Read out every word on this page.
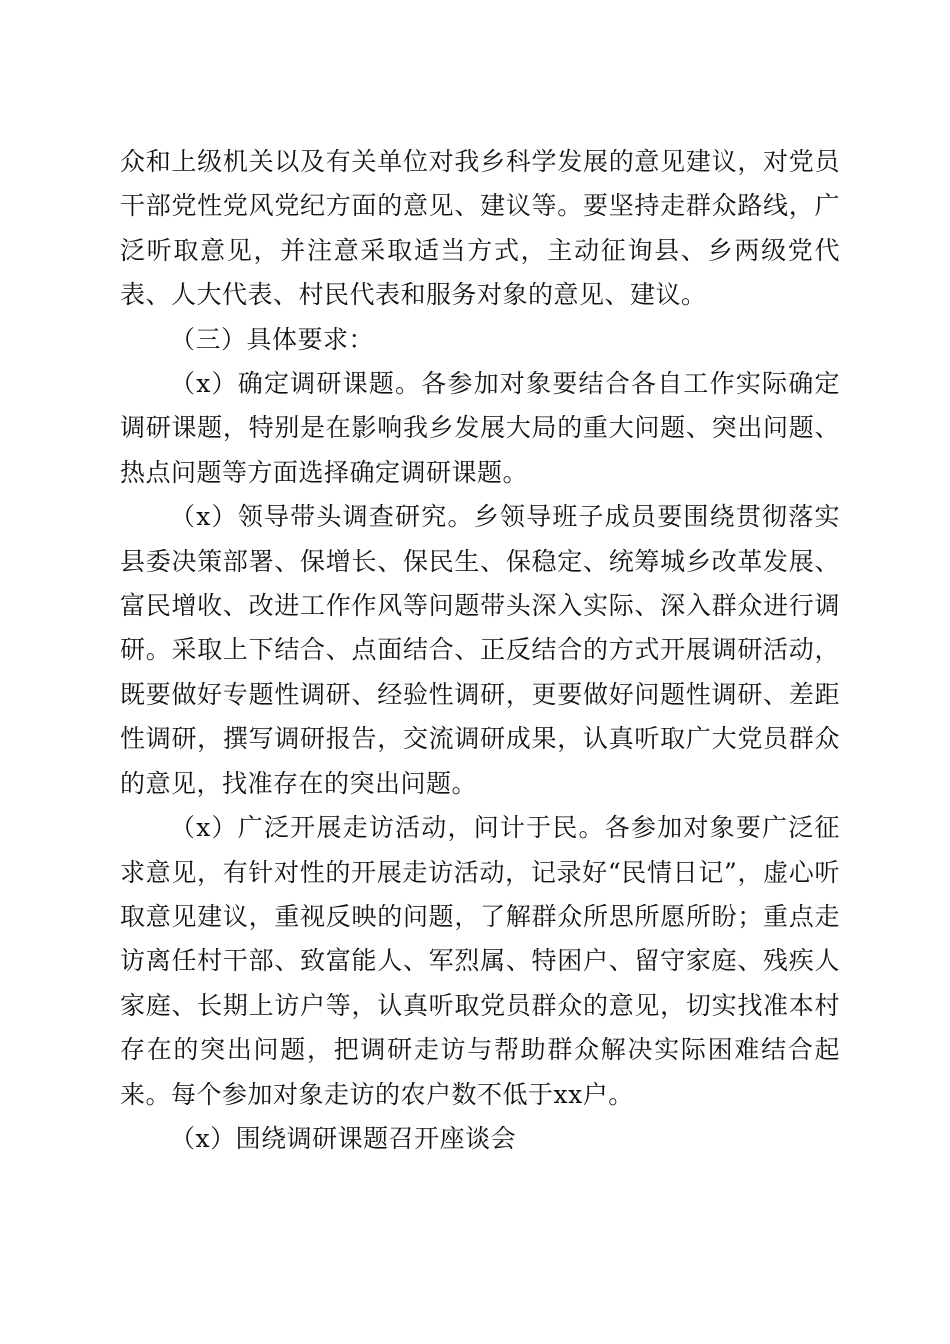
众和上级机关以及有关单位对我乡科学发展的意见建议，对党员干部党性党风党纪方面的意见、建议等。要坚持走群众路线，广泛听取意见，并注意采取适当方式，主动征询县、乡两级党代表、人大代表、村民代表和服务对象的意见、建议。

（三）具体要求：

（x）确定调研课题。各参加对象要结合各自工作实际确定调研课题，特别是在影响我乡发展大局的重大问题、突出问题、热点问题等方面选择确定调研课题。

（x）领导带头调查研究。乡领导班子成员要围绕贯彻落实县委决策部署、保增长、保民生、保稳定、统筹城乡改革发展、富民增收、改进工作作风等问题带头深入实际、深入群众进行调研。采取上下结合、点面结合、正反结合的方式开展调研活动，既要做好专题性调研、经验性调研，更要做好问题性调研、差距性调研，撰写调研报告，交流调研成果，认真听取广大党员群众的意见，找准存在的突出问题。

（x）广泛开展走访活动，问计于民。各参加对象要广泛征求意见，有针对性的开展走访活动，记录好“民情日记”，虚心听取意见建议，重视反映的问题，了解群众所思所愿所盼；重点走访离任村干部、致富能人、军烈属、特困户、留守家庭、残疾人家庭、长期上访户等，认真听取党员群众的意见，切实找准本村存在的突出问题，把调研走访与帮助群众解决实际困难结合起来。每个参加对象走访的农户数不低于xx户。

（x）围绕调研课题召开座谈会
